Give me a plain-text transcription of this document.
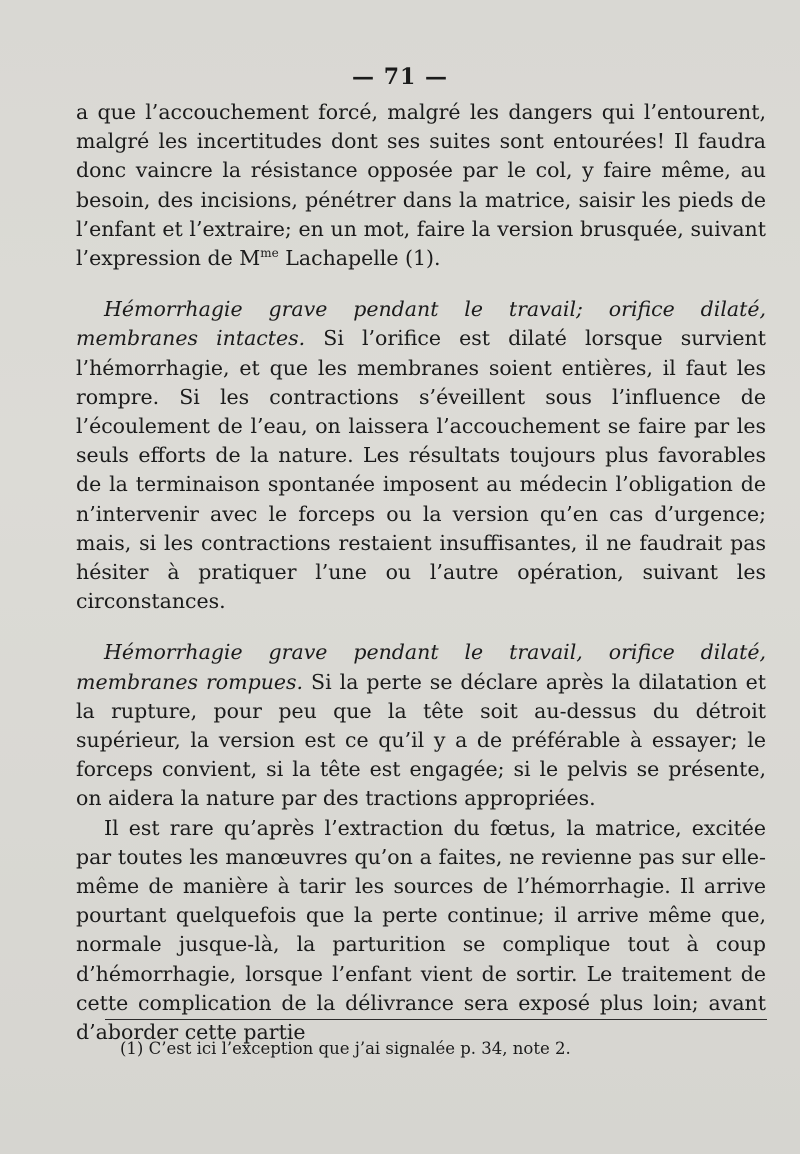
— 71 —

a que l’accouchement forcé, malgré les dangers qui l’entourent, malgré les incertitudes dont ses suites sont entourées! Il faudra donc vaincre la résistance opposée par le col, y faire même, au besoin, des incisions, pénétrer dans la matrice, saisir les pieds de l’enfant et l’extraire; en un mot, faire la version brusquée, suivant l’expression de $M^{me}$ Lachapelle (1).

Hémorrhagie grave pendant le travail; orifice dilaté, membranes intactes. Si l’orifice est dilaté lorsque survient l’hémorrhagie, et que les membranes soient entières, il faut les rompre. Si les contractions s’éveillent sous l’influence de l’écoulement de l’eau, on laissera l’accouchement se faire par les seuls efforts de la nature. Les résultats toujours plus favorables de la terminaison spontanée imposent au médecin l’obligation de n’intervenir avec le forceps ou la version qu’en cas d’urgence; mais, si les contractions restaient insuffisantes, il ne faudrait pas hésiter à pratiquer l’une ou l’autre opération, suivant les circonstances.

Hémorrhagie grave pendant le travail, orifice dilaté, membranes rompues. Si la perte se déclare après la dilatation et la rupture, pour peu que la tête soit au-dessus du détroit supérieur, la version est ce qu’il y a de préférable à essayer; le forceps convient, si la tête est engagée; si le pelvis se présente, on aidera la nature par des tractions appropriées.

Il est rare qu’après l’extraction du fœtus, la matrice, excitée par toutes les manœuvres qu’on a faites, ne revienne pas sur elle-même de manière à tarir les sources de l’hémorrhagie. Il arrive pourtant quelquefois que la perte continue; il arrive même que, normale jusque-là, la parturition se complique tout à coup d’hémorrhagie, lorsque l’enfant vient de sortir. Le traitement de cette complication de la délivrance sera exposé plus loin; avant d’aborder cette partie

(1) C’est ici l’exception que j’ai signalée p. 34, note 2.
